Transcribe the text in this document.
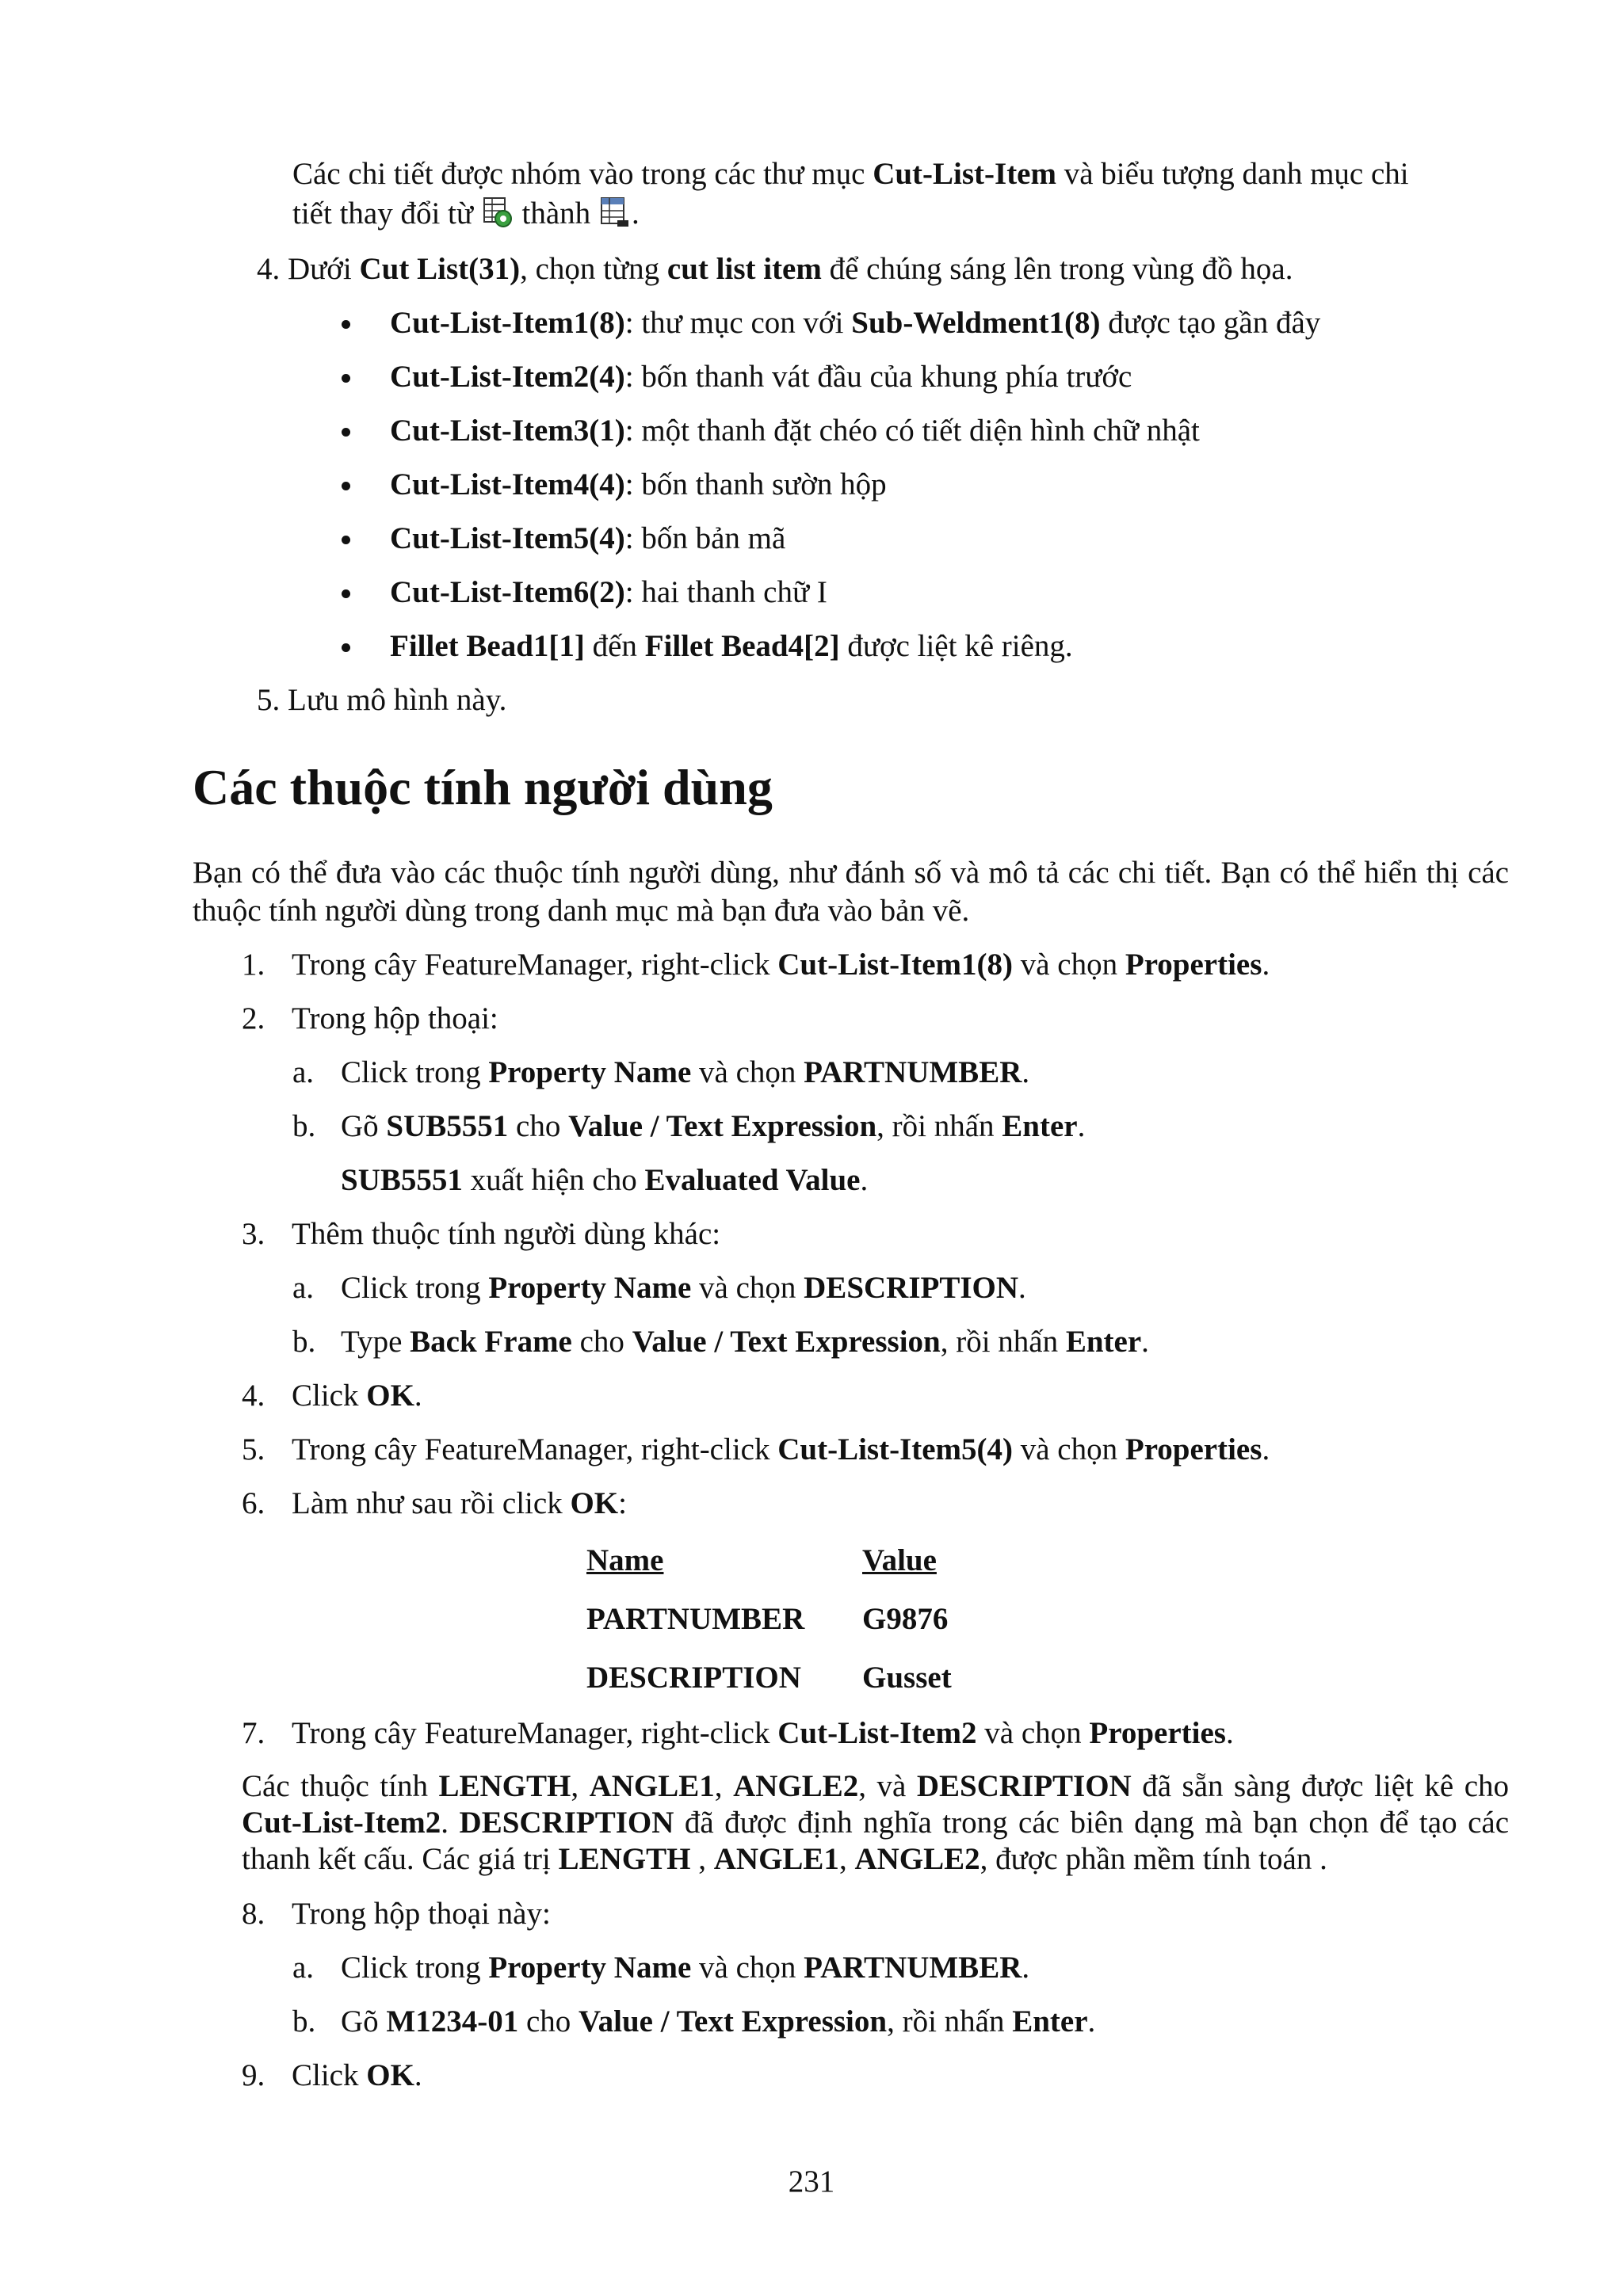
Các chi tiết được nhóm vào trong các thư mục Cut-List-Item và biểu tượng danh mục chi

tiết thay đổi từ  thành .

4. Dưới Cut List(31), chọn từng cut list item để chúng sáng lên trong vùng đồ họa.

Cut-List-Item1(8): thư mục con với Sub-Weldment1(8) được tạo gần đây

Cut-List-Item2(4): bốn thanh vát đầu của khung phía trước

Cut-List-Item3(1): một thanh đặt chéo có tiết diện hình chữ nhật

Cut-List-Item4(4): bốn thanh sườn hộp

Cut-List-Item5(4): bốn bản mã

Cut-List-Item6(2): hai thanh chữ I

Fillet Bead1[1] đến Fillet Bead4[2] được liệt kê riêng.

5. Lưu mô hình này.

Các thuộc tính người dùng

Bạn có thể đưa vào các thuộc tính người dùng, như đánh số và mô tả các chi tiết. Bạn có thể hiển thị các thuộc tính người dùng trong danh mục mà bạn đưa vào bản vẽ.

1. Trong cây FeatureManager, right-click Cut-List-Item1(8) và chọn Properties.

2. Trong hộp thoại:

a. Click trong Property Name và chọn PARTNUMBER.

b. Gõ SUB5551 cho Value / Text Expression, rồi nhấn Enter.

SUB5551 xuất hiện cho Evaluated Value.

3. Thêm thuộc tính người dùng khác:

a. Click trong Property Name và chọn DESCRIPTION.

b. Type Back Frame cho Value / Text Expression, rồi nhấn Enter.

4. Click OK.

5. Trong cây FeatureManager, right-click Cut-List-Item5(4) và chọn Properties.

6. Làm như sau rồi click OK:

Name	Value

PARTNUMBER G9876

DESCRIPTION Gusset

7. Trong cây FeatureManager, right-click Cut-List-Item2 và chọn Properties.

Các thuộc tính LENGTH, ANGLE1, ANGLE2, và DESCRIPTION đã sẵn sàng được liệt kê cho Cut-List-Item2. DESCRIPTION đã được định nghĩa trong các biên dạng mà bạn chọn để tạo các thanh kết cấu. Các giá trị LENGTH , ANGLE1, ANGLE2, được phần mềm tính toán .

8. Trong hộp thoại này:

a. Click trong Property Name và chọn PARTNUMBER.

b. Gõ M1234-01 cho Value / Text Expression, rồi nhấn Enter.

9. Click OK.

231
